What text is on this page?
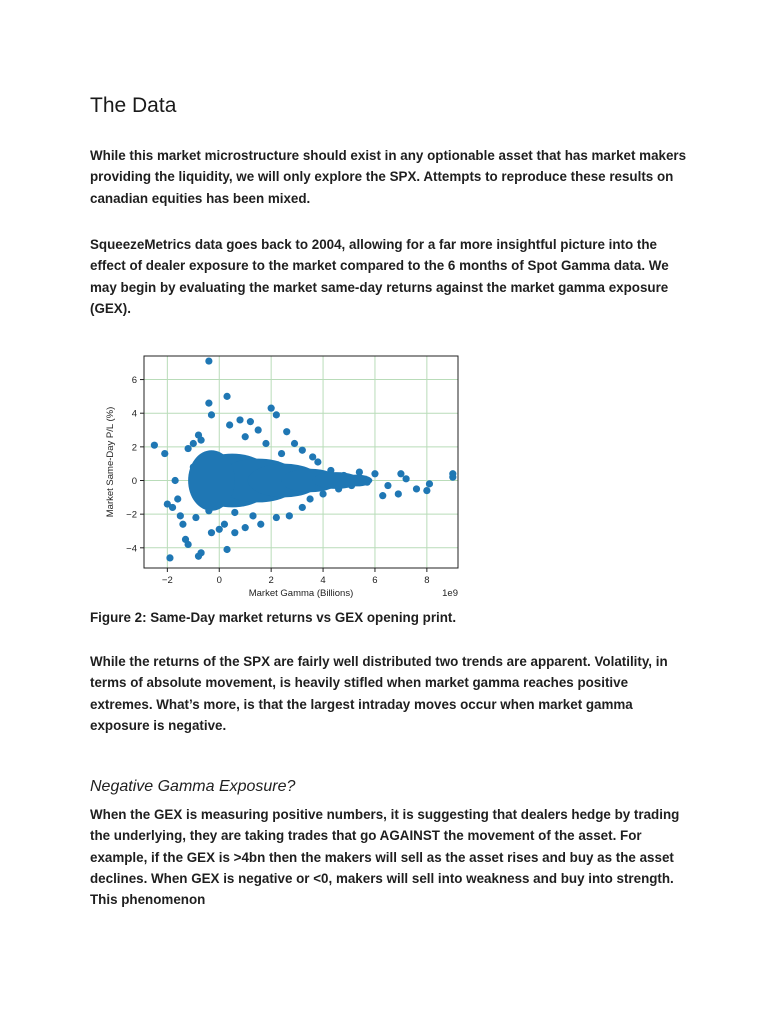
The Data

While this market microstructure should exist in any optionable asset that has market makers providing the liquidity, we will only explore the SPX. Attempts to reproduce these results on canadian equities has been mixed.

SqueezeMetrics data goes back to 2004, allowing for a far more insightful picture into the effect of dealer exposure to the market compared to the 6 months of Spot Gamma data. We may begin by evaluating the market same-day returns against the market gamma exposure (GEX).

−2	0	2	4	6	8
−4
−2
0
2
4
6
Market Gamma (Billions)	1e9
Market Same-Day P/L (%)

Figure 2: Same-Day market returns vs GEX opening print.

While the returns of the SPX are fairly well distributed two trends are apparent. Volatility, in terms of absolute movement, is heavily stifled when market gamma reaches positive extremes. What’s more, is that the largest intraday moves occur when market gamma exposure is negative.

Negative Gamma Exposure?

When the GEX is measuring positive numbers, it is suggesting that dealers hedge by trading the underlying, they are taking trades that go AGAINST the movement of the asset. For example, if the GEX is >4bn then the makers will sell as the asset rises and buy as the asset declines. When GEX is negative or <0, makers will sell into weakness and buy into strength. This phenomenon
